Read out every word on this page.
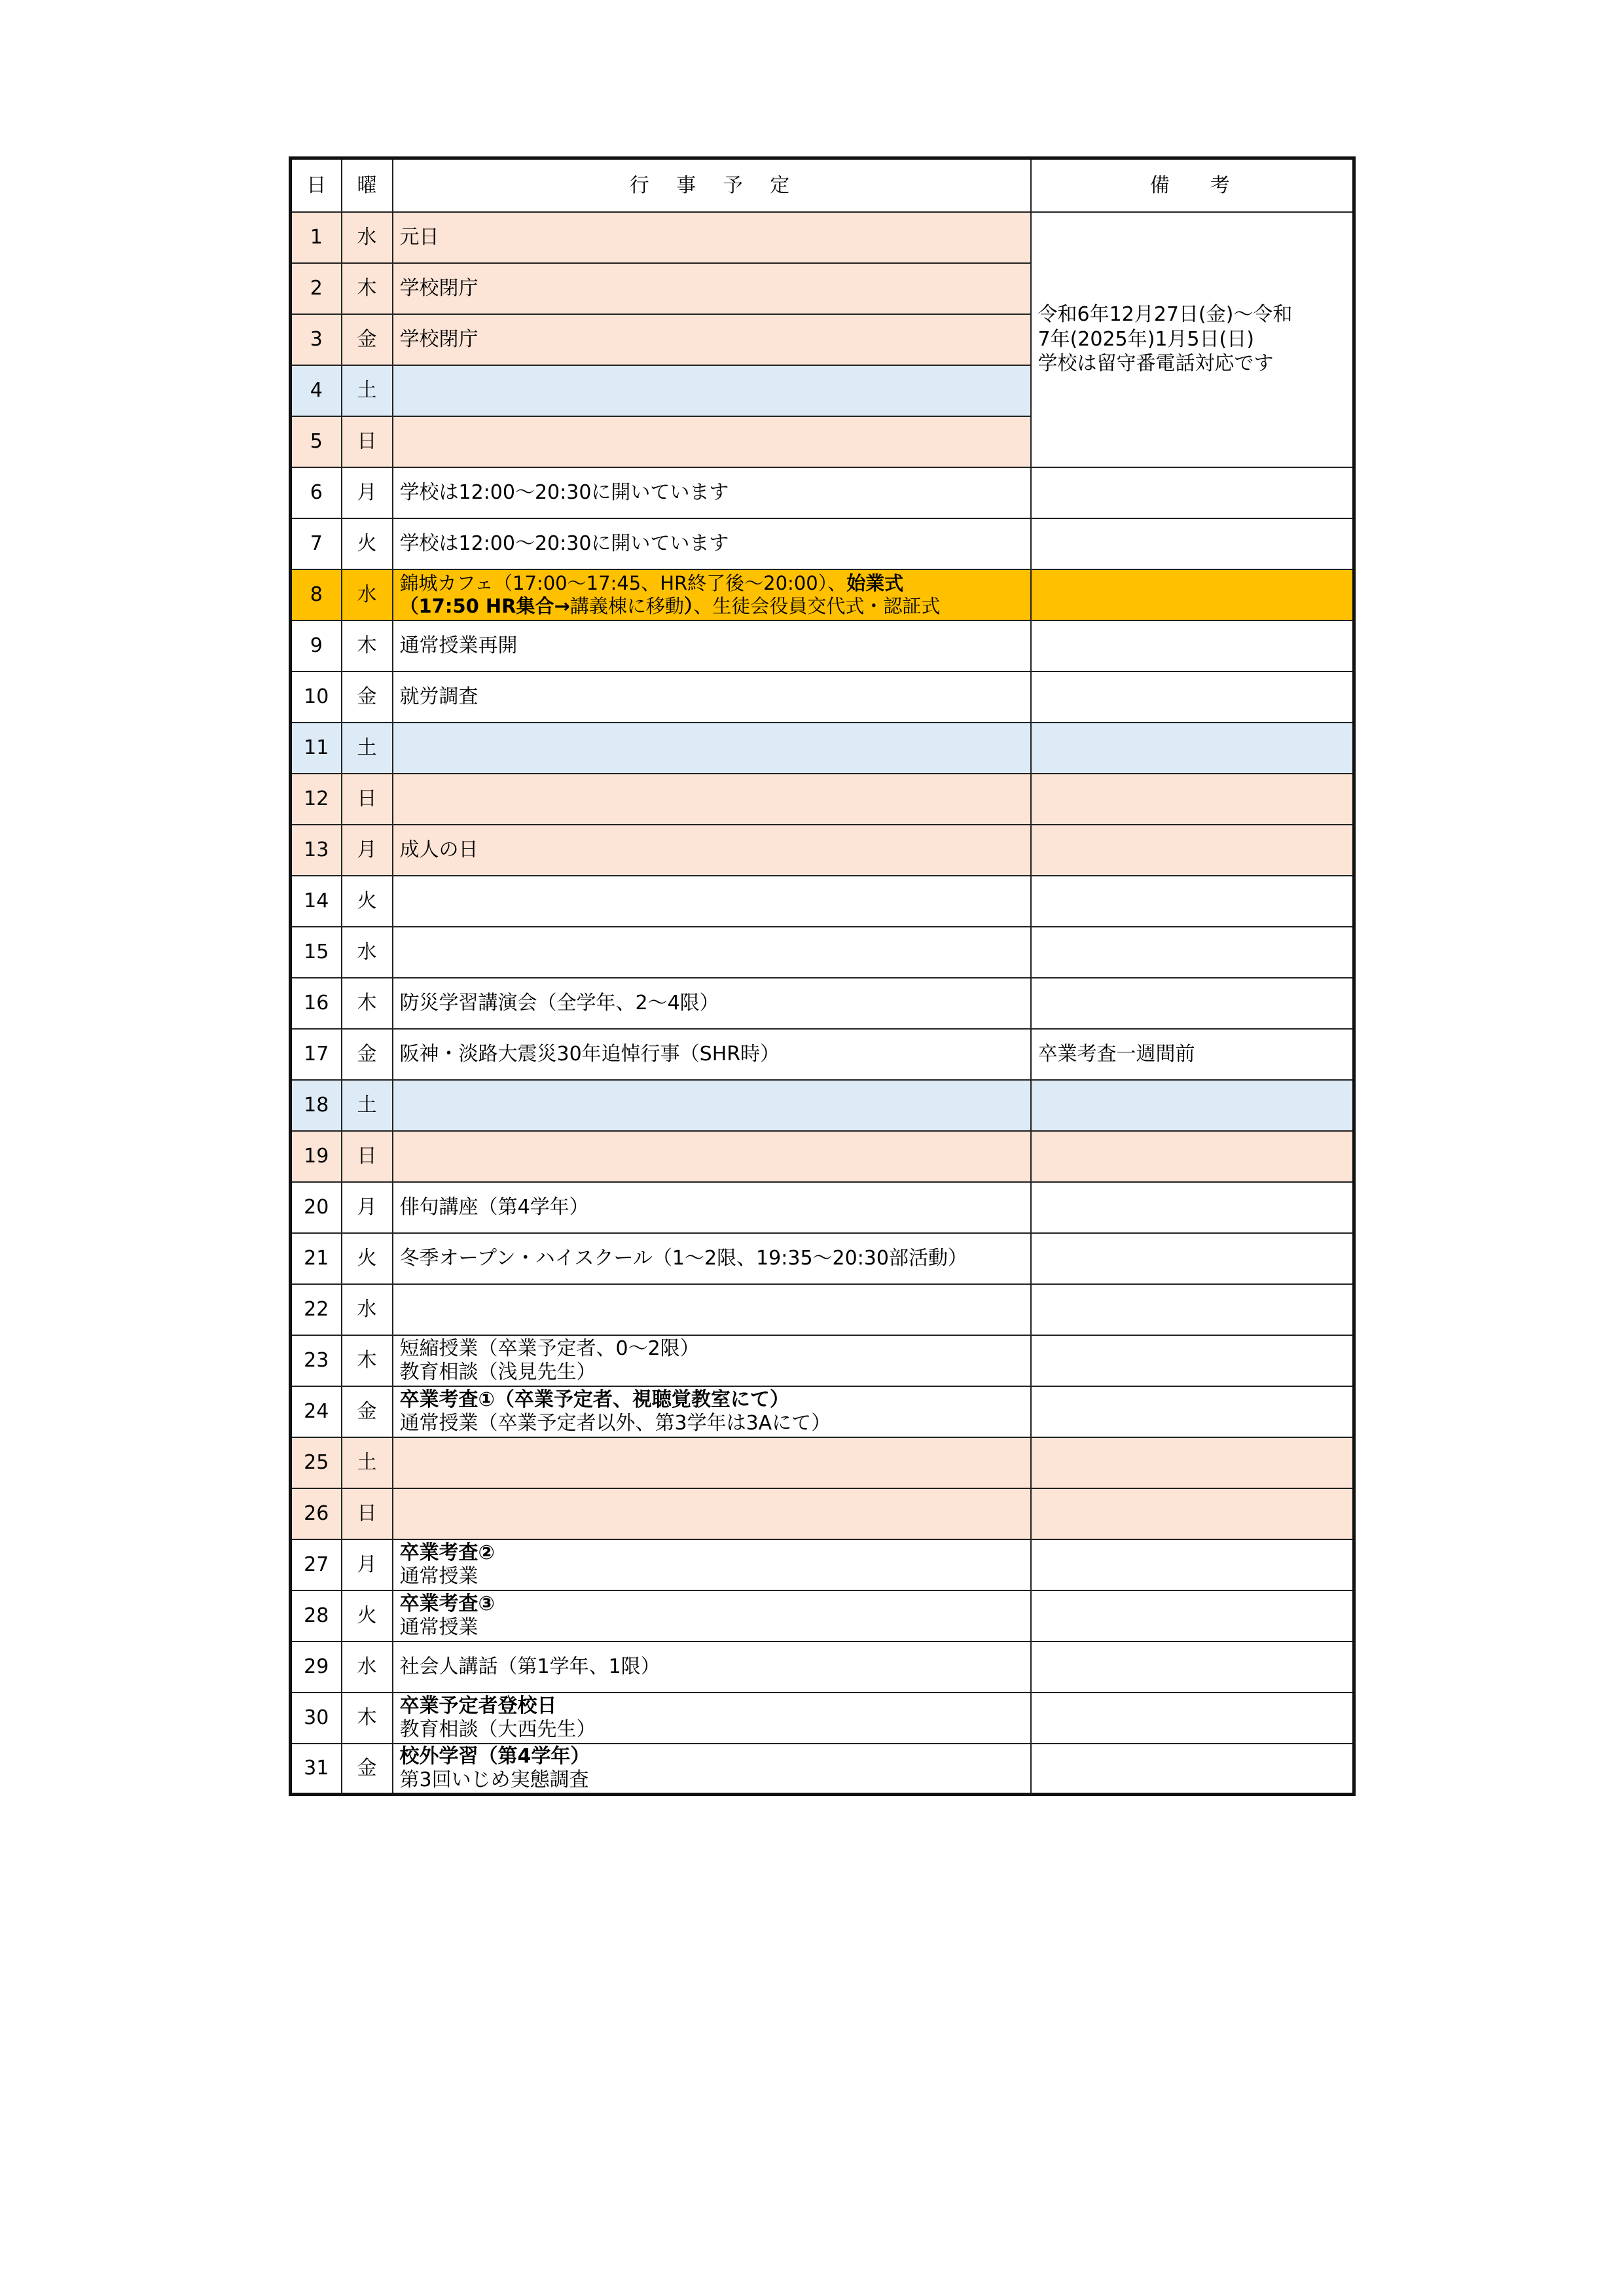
日	曜	行 事 予 定	備　考
1	水	元日	令和6年12月27日(金)～令和
7年(2025年)1月5日(日)
学校は留守番電話対応です

2	木	学校閉庁	

3	金	学校閉庁	

4	土		
5	日		
6	月	学校は12:00～20:30に開いています	

7	火	学校は12:00～20:30に開いています	

8	水	錦城カフェ（17:00～17:45、HR終了後～20:00）、始業式
（17:50 HR集合→講義棟に移動）、生徒会役員交代式・認証式	

9	木	通常授業再開	

10	金	就労調査	

11	土		
12	日		
13	月	成人の日	

14	火		
15	水		
16	木	防災学習講演会（全学年、2～4限）	

17	金	阪神・淡路大震災30年追悼行事（SHR時）	卒業考査一週間前
18	土		
19	日		
20	月	俳句講座（第4学年）	

21	火	冬季オープン・ハイスクール（1～2限、19:35～20:30部活動）	

22	水		
23	木	短縮授業（卒業予定者、0～2限）
教育相談（浅見先生）	

24	金	卒業考査①（卒業予定者、視聴覚教室にて）
通常授業（卒業予定者以外、第3学年は3Aにて）	

25	土		
26	日		
27	月	卒業考査②
通常授業	

28	火	卒業考査③
通常授業	

29	水	社会人講話（第1学年、1限）	

30	木	卒業予定者登校日
教育相談（大西先生）	

31	金	校外学習（第4学年）
第3回いじめ実態調査	
